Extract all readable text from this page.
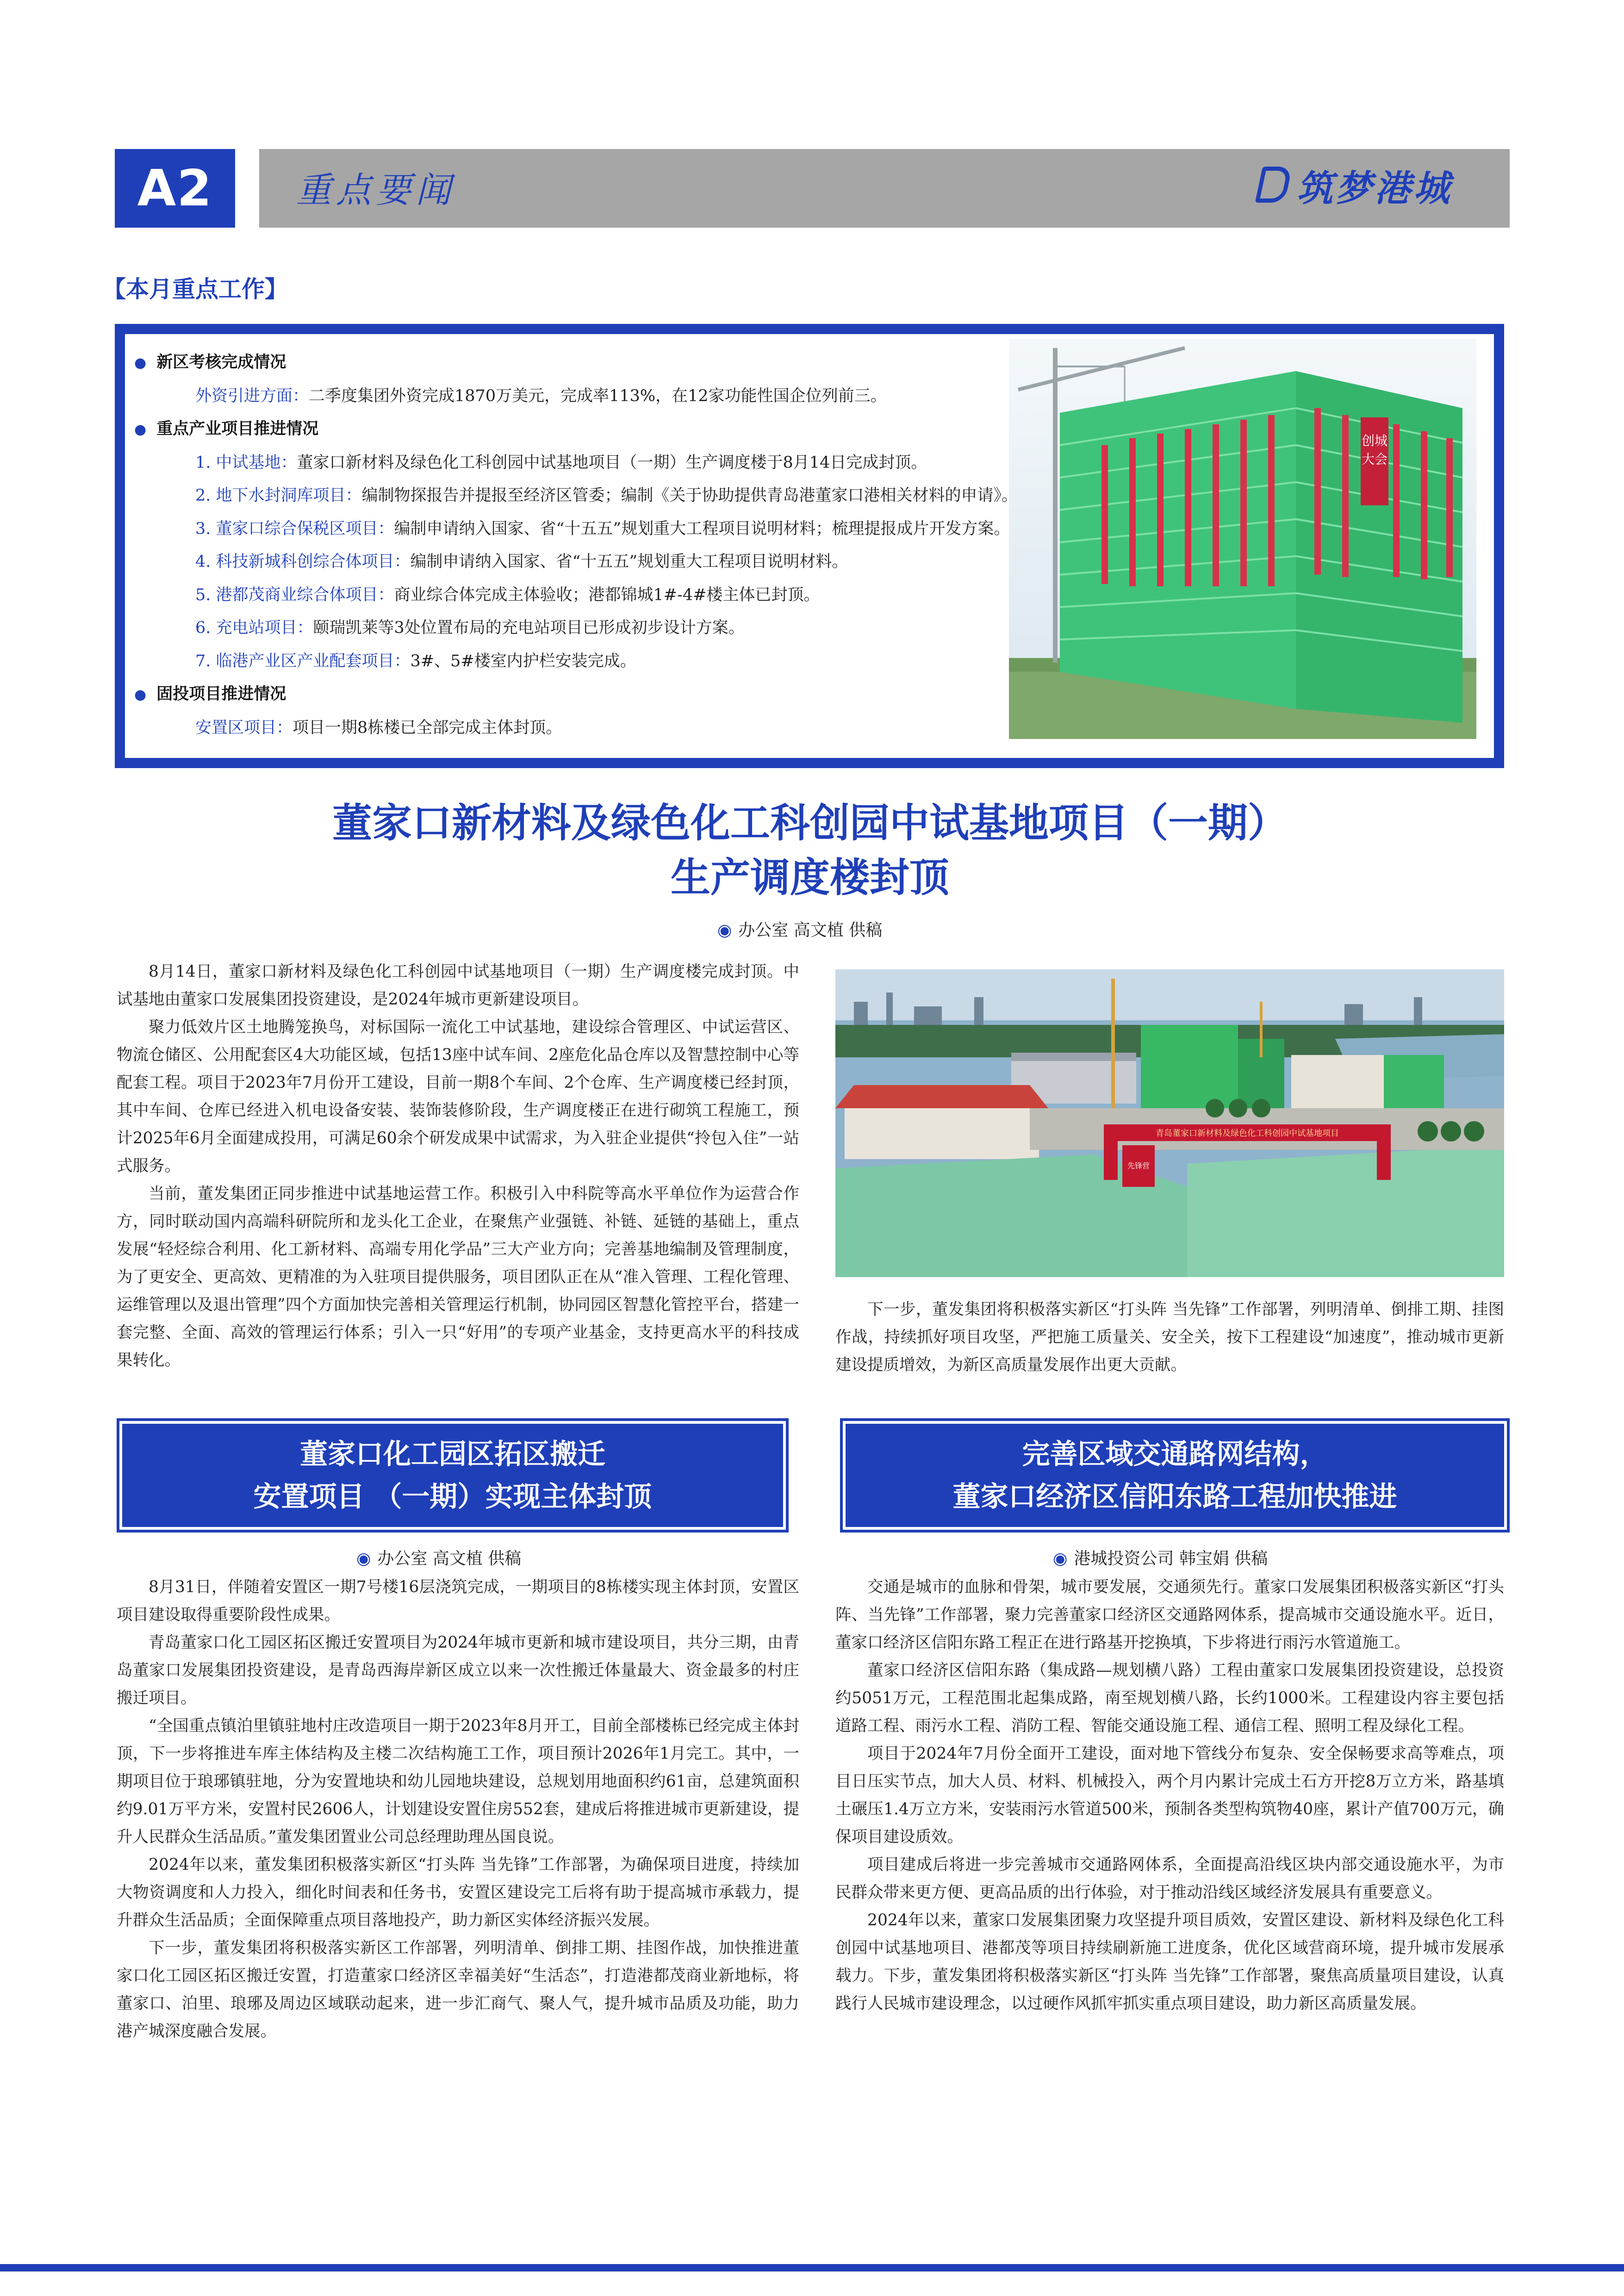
A2	重点要闻	筑梦港城
【本月重点工作】
创城大会
● 新区考核完成情况
外资引进方面：二季度集团外资完成1870万美元，完成率113%，在12家功能性国企位列前三。
● 重点产业项目推进情况
1. 中试基地：董家口新材料及绿色化工科创园中试基地项目（一期）生产调度楼于8月14日完成封顶。
2. 地下水封洞库项目：编制物探报告并提报至经济区管委；编制《关于协助提供青岛港董家口港相关材料的申请》。
3. 董家口综合保税区项目：编制申请纳入国家、省“十五五”规划重大工程项目说明材料；梳理提报成片开发方案。
4. 科技新城科创综合体项目：编制申请纳入国家、省“十五五”规划重大工程项目说明材料。
5. 港都茂商业综合体项目：商业综合体完成主体验收；港都锦城1#-4#楼主体已封顶。
6. 充电站项目：颐瑞凯莱等3处位置布局的充电站项目已形成初步设计方案。
7. 临港产业区产业配套项目：3#、5#楼室内护栏安装完成。
● 固投项目推进情况
安置区项目：项目一期8栋楼已全部完成主体封顶。
董家口新材料及绿色化工科创园中试基地项目（一期）
生产调度楼封顶
◉ 办公室 高文植 供稿

8月14日，董家口新材料及绿色化工科创园中试基地项目（一期）生产调度楼完成封顶。中试基地由董家口发展集团投资建设，是2024年城市更新建设项目。

聚力低效片区土地腾笼换鸟，对标国际一流化工中试基地，建设综合管理区、中试运营区、物流仓储区、公用配套区4大功能区域，包括13座中试车间、2座危化品仓库以及智慧控制中心等配套工程。项目于2023年7月份开工建设，目前一期8个车间、2个仓库、生产调度楼已经封顶，其中车间、仓库已经进入机电设备安装、装饰装修阶段，生产调度楼正在进行砌筑工程施工，预计2025年6月全面建成投用，可满足60余个研发成果中试需求，为入驻企业提供“拎包入住”一站式服务。

当前，董发集团正同步推进中试基地运营工作。积极引入中科院等高水平单位作为运营合作方，同时联动国内高端科研院所和龙头化工企业，在聚焦产业强链、补链、延链的基础上，重点发展“轻烃综合利用、化工新材料、高端专用化学品”三大产业方向；完善基地编制及管理制度，为了更安全、更高效、更精准的为入驻项目提供服务，项目团队正在从“准入管理、工程化管理、运维管理以及退出管理”四个方面加快完善相关管理运行机制，协同园区智慧化管控平台，搭建一套完整、全面、高效的管理运行体系；引入一只“好用”的专项产业基金，支持更高水平的科技成果转化。

青岛董家口新材料及绿色化工科创园中试基地项目
先锋营

下一步，董发集团将积极落实新区“打头阵 当先锋”工作部署，列明清单、倒排工期、挂图作战，持续抓好项目攻坚，严把施工质量关、安全关，按下工程建设“加速度”，推动城市更新建设提质增效，为新区高质量发展作出更大贡献。

董家口化工园区拓区搬迁
安置项目 （一期）实现主体封顶
◉ 办公室 高文植 供稿

8月31日，伴随着安置区一期7号楼16层浇筑完成，一期项目的8栋楼实现主体封顶，安置区项目建设取得重要阶段性成果。

青岛董家口化工园区拓区搬迁安置项目为2024年城市更新和城市建设项目，共分三期，由青岛董家口发展集团投资建设，是青岛西海岸新区成立以来一次性搬迁体量最大、资金最多的村庄搬迁项目。

“全国重点镇泊里镇驻地村庄改造项目一期于2023年8月开工，目前全部楼栋已经完成主体封顶，下一步将推进车库主体结构及主楼二次结构施工工作，项目预计2026年1月完工。其中，一期项目位于琅琊镇驻地，分为安置地块和幼儿园地块建设，总规划用地面积约61亩，总建筑面积约9.01万平方米，安置村民2606人，计划建设安置住房552套，建成后将推进城市更新建设，提升人民群众生活品质。”董发集团置业公司总经理助理丛国良说。

2024年以来，董发集团积极落实新区“打头阵 当先锋”工作部署，为确保项目进度，持续加大物资调度和人力投入，细化时间表和任务书，安置区建设完工后将有助于提高城市承载力，提升群众生活品质；全面保障重点项目落地投产，助力新区实体经济振兴发展。

下一步，董发集团将积极落实新区工作部署，列明清单、倒排工期、挂图作战，加快推进董家口化工园区拓区搬迁安置，打造董家口经济区幸福美好“生活态”，打造港都茂商业新地标，将董家口、泊里、琅琊及周边区域联动起来，进一步汇商气、聚人气，提升城市品质及功能，助力港产城深度融合发展。

完善区域交通路网结构，
董家口经济区信阳东路工程加快推进
◉ 港城投资公司 韩宝娟 供稿

交通是城市的血脉和骨架，城市要发展，交通须先行。董家口发展集团积极落实新区“打头阵、当先锋”工作部署，聚力完善董家口经济区交通路网体系，提高城市交通设施水平。近日，董家口经济区信阳东路工程正在进行路基开挖换填，下步将进行雨污水管道施工。

董家口经济区信阳东路（集成路—规划横八路）工程由董家口发展集团投资建设，总投资约5051万元，工程范围北起集成路，南至规划横八路，长约1000米。工程建设内容主要包括道路工程、雨污水工程、消防工程、智能交通设施工程、通信工程、照明工程及绿化工程。

项目于2024年7月份全面开工建设，面对地下管线分布复杂、安全保畅要求高等难点，项目日压实节点，加大人员、材料、机械投入，两个月内累计完成土石方开挖8万立方米，路基填土碾压1.4万立方米，安装雨污水管道500米，预制各类型构筑物40座，累计产值700万元，确保项目建设质效。

项目建成后将进一步完善城市交通路网体系，全面提高沿线区块内部交通设施水平，为市民群众带来更方便、更高品质的出行体验，对于推动沿线区域经济发展具有重要意义。

2024年以来，董家口发展集团聚力攻坚提升项目质效，安置区建设、新材料及绿色化工科创园中试基地项目、港都茂等项目持续刷新施工进度条，优化区域营商环境，提升城市发展承载力。下步，董发集团将积极落实新区“打头阵 当先锋”工作部署，聚焦高质量项目建设，认真践行人民城市建设理念，以过硬作风抓牢抓实重点项目建设，助力新区高质量发展。
